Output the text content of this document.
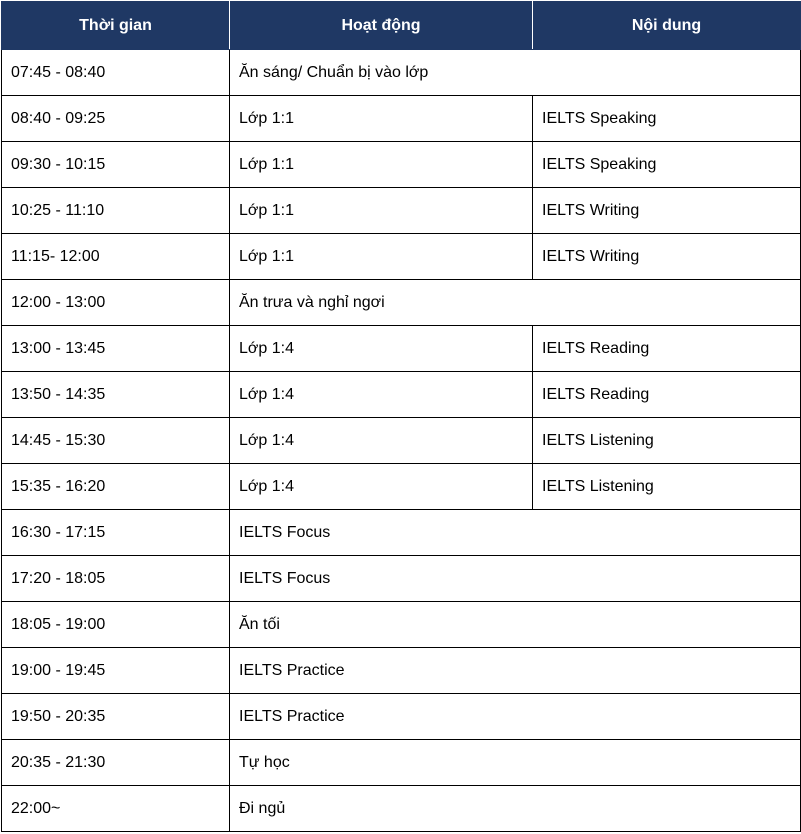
Thời gian	Hoạt động	Nội dung
07:45 - 08:40	Ăn sáng/ Chuẩn bị vào lớp	
08:40 - 09:25	Lớp 1:1	IELTS Speaking
09:30 - 10:15	Lớp 1:1	IELTS Speaking
10:25 - 11:10	Lớp 1:1	IELTS Writing
11:15- 12:00	Lớp 1:1	IELTS Writing
12:00 - 13:00	Ăn trưa và nghỉ ngơi	
13:00 - 13:45	Lớp 1:4	IELTS Reading
13:50 - 14:35	Lớp 1:4	IELTS Reading
14:45 - 15:30	Lớp 1:4	IELTS Listening
15:35 - 16:20	Lớp 1:4	IELTS Listening
16:30 - 17:15	IELTS Focus	
17:20 - 18:05	IELTS Focus	
18:05 - 19:00	Ăn tối	
19:00 - 19:45	IELTS Practice	
19:50 - 20:35	IELTS Practice	
20:35 - 21:30	Tự học	
22:00~	Đi ngủ	
